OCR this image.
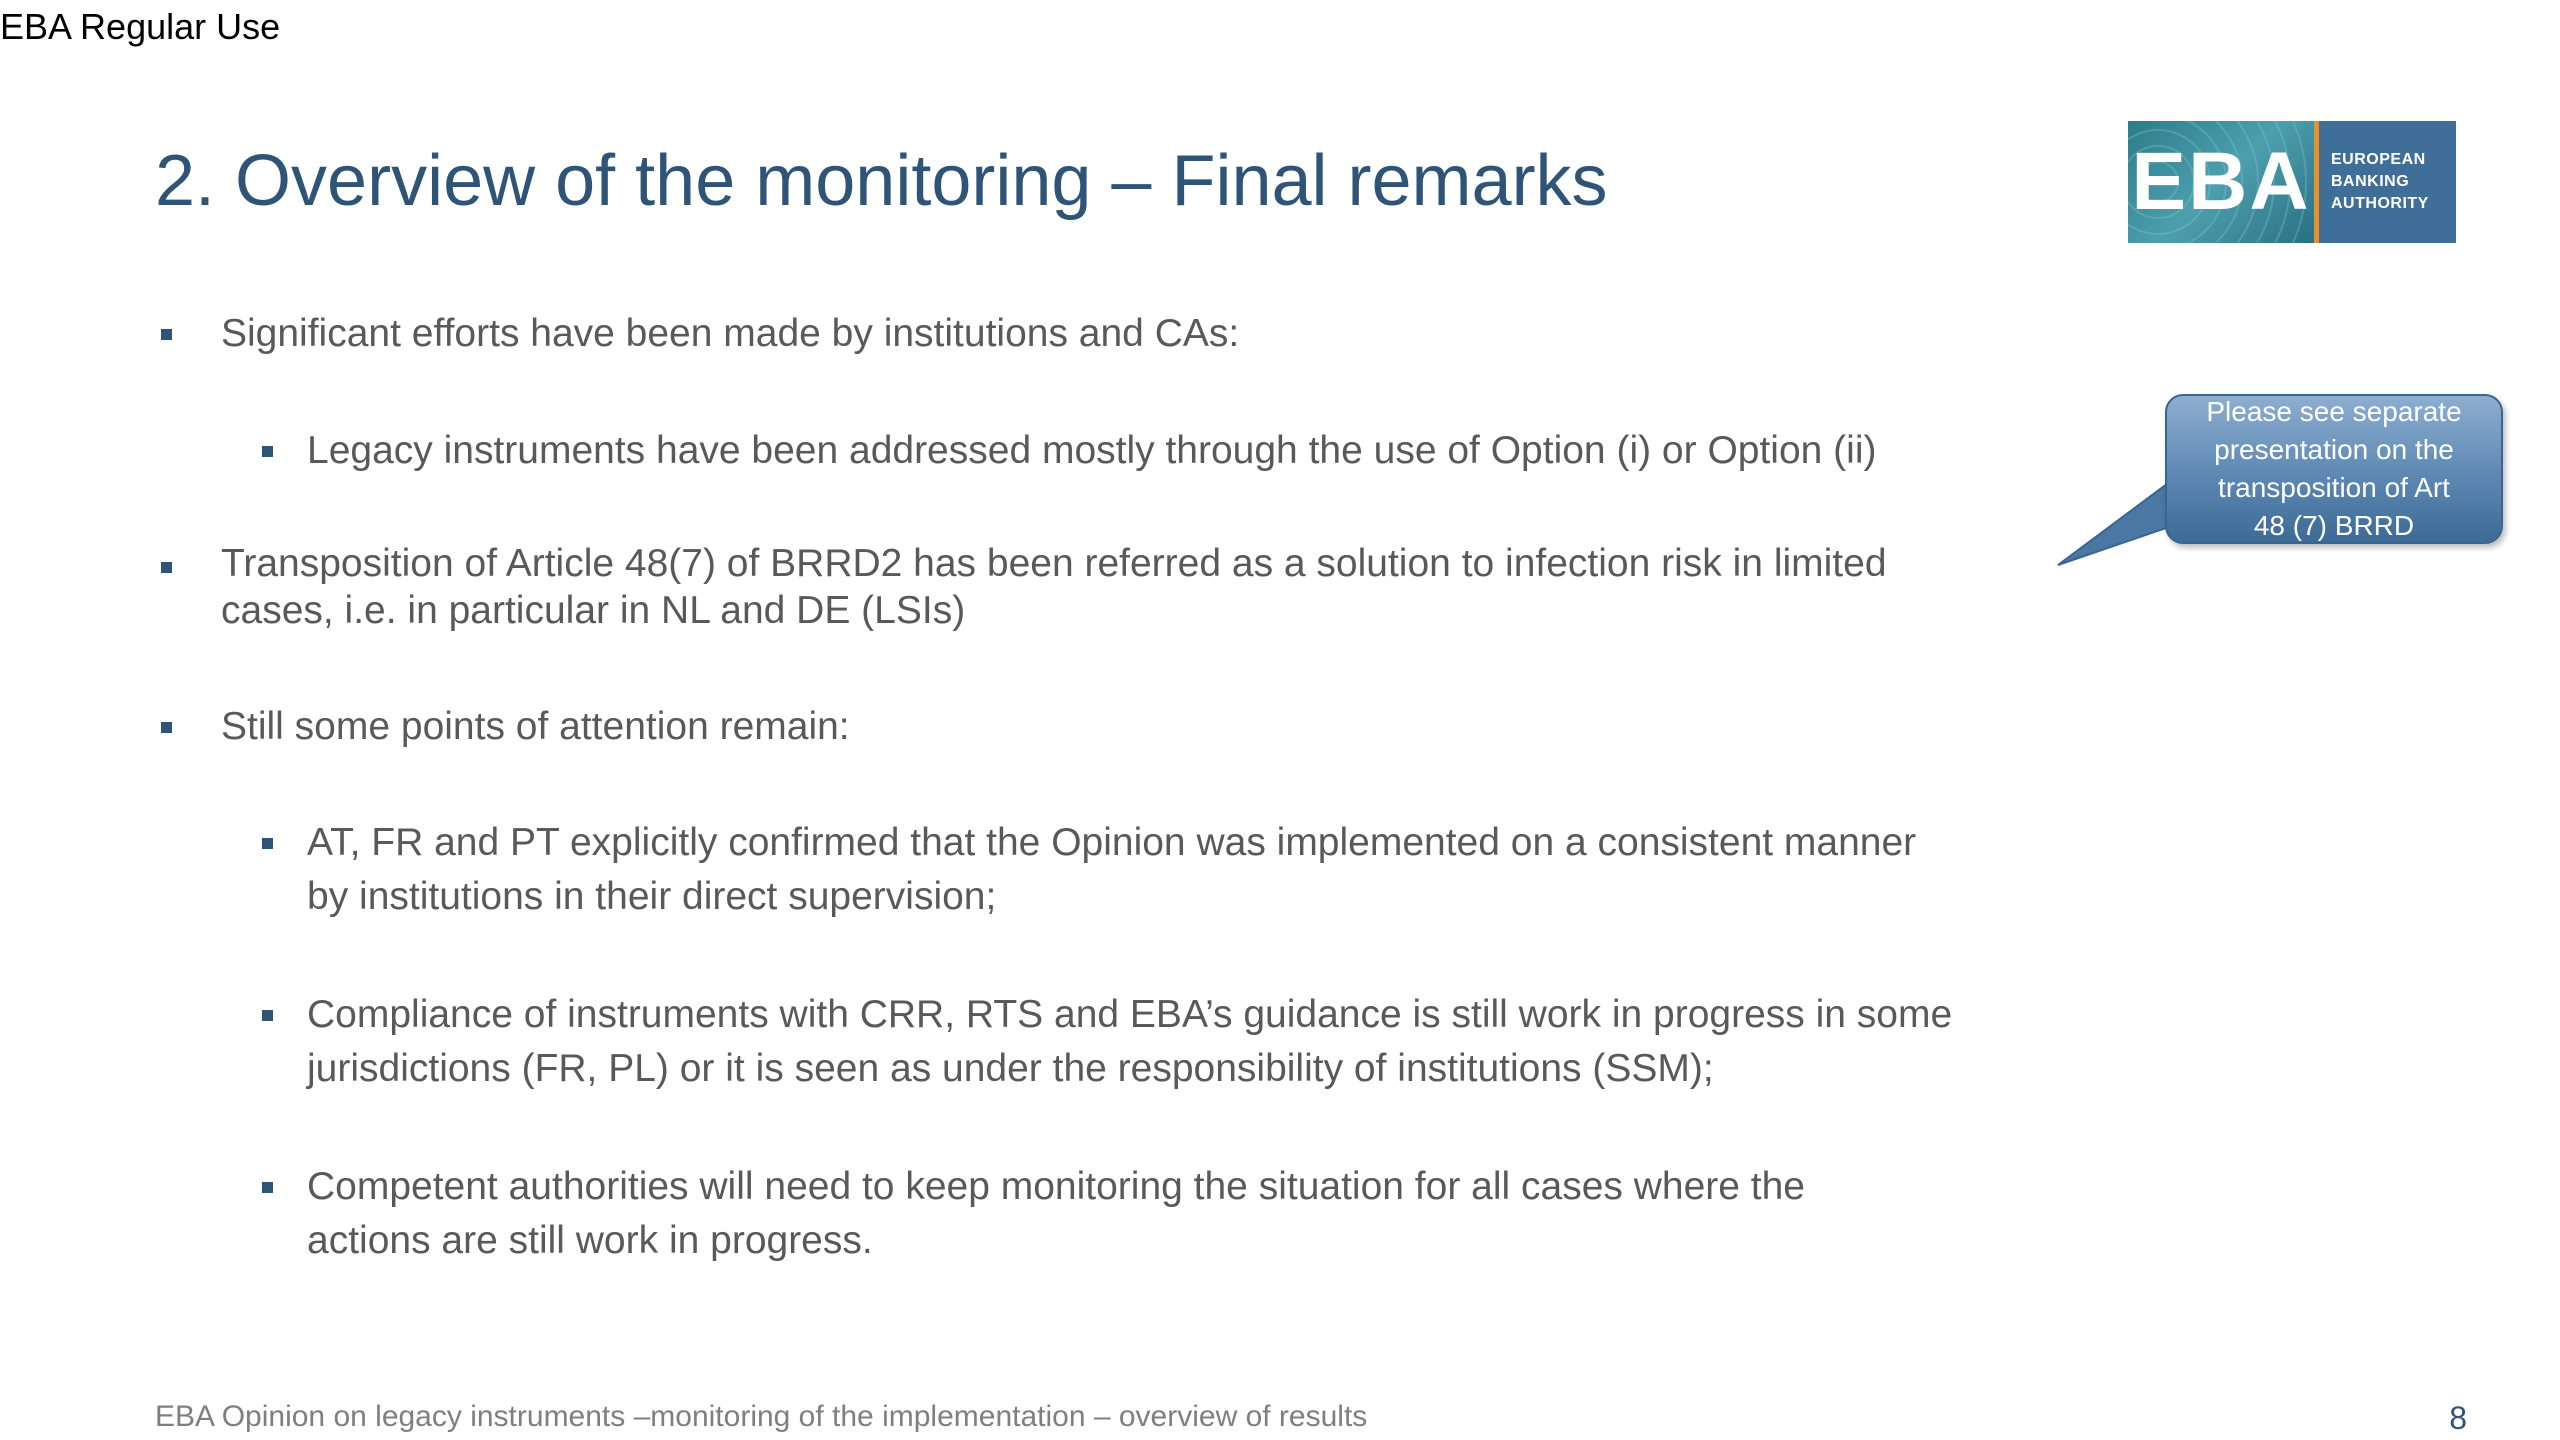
EBA Regular Use
2. Overview of the monitoring – Final remarks	EBA EUROPEAN
BANKING
AUTHORITY
Significant efforts have been made by institutions and CAs:
Legacy instruments have been addressed mostly through the use of Option (i) or Option (ii)
Transposition of Article 48(7) of BRRD2 has been referred as a solution to infection risk in limited
cases, i.e. in particular in NL and DE (LSIs)
Still some points of attention remain:
AT, FR and PT explicitly confirmed that the Opinion was implemented on a consistent manner
by institutions in their direct supervision;
Compliance of instruments with CRR, RTS and EBA’s guidance is still work in progress in some
jurisdictions (FR, PL) or it is seen as under the responsibility of institutions (SSM);
Competent authorities will need to keep monitoring the situation for all cases where the
actions are still work in progress.
Please see separate
presentation on the
transposition of Art
48 (7) BRRD
EBA Opinion on legacy instruments –monitoring of the implementation – overview of results	8
